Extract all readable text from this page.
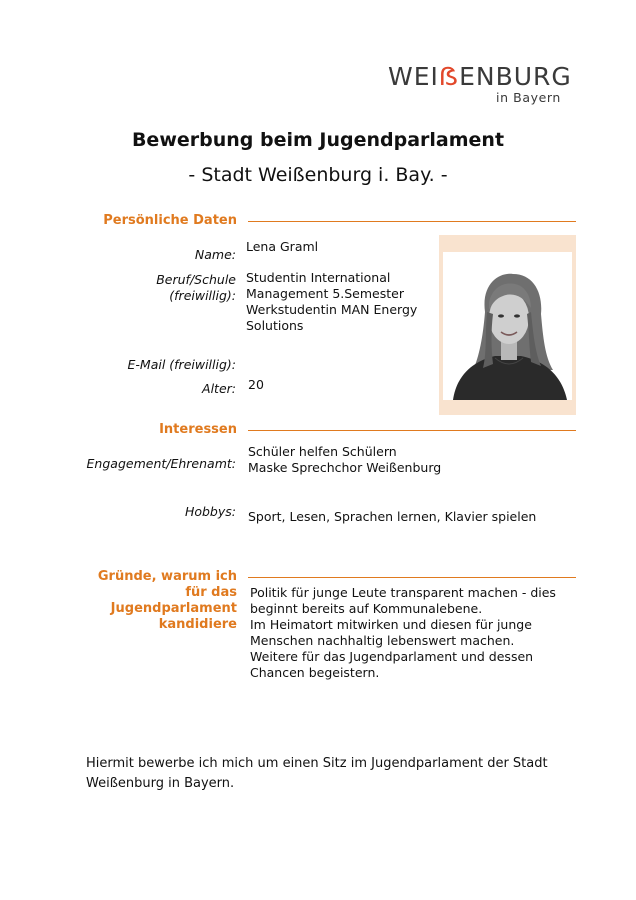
WEIẞENBURG
in Bayern
Bewerbung beim Jugendparlament
- Stadt Weißenburg i. Bay. -
Persönliche Daten
Name:
Lena Graml
Beruf/Schule
(freiwillig):
Studentin International
Management 5.Semester
Werkstudentin MAN Energy
Solutions
E-Mail (freiwillig):
Alter: 20
Interessen
Engagement/Ehrenamt:
Schüler helfen Schülern
Maske Sprechchor Weißenburg
Hobbys: Sport, Lesen, Sprachen lernen, Klavier spielen
Gründe, warum ich
für das
Jugendparlament
kandidiere
Politik für junge Leute transparent machen - dies
beginnt bereits auf Kommunalebene.
Im Heimatort mitwirken und diesen für junge
Menschen nachhaltig lebenswert machen.
Weitere für das Jugendparlament und dessen
Chancen begeistern.
Hiermit bewerbe ich mich um einen Sitz im Jugendparlament der Stadt Weißenburg in Bayern.
